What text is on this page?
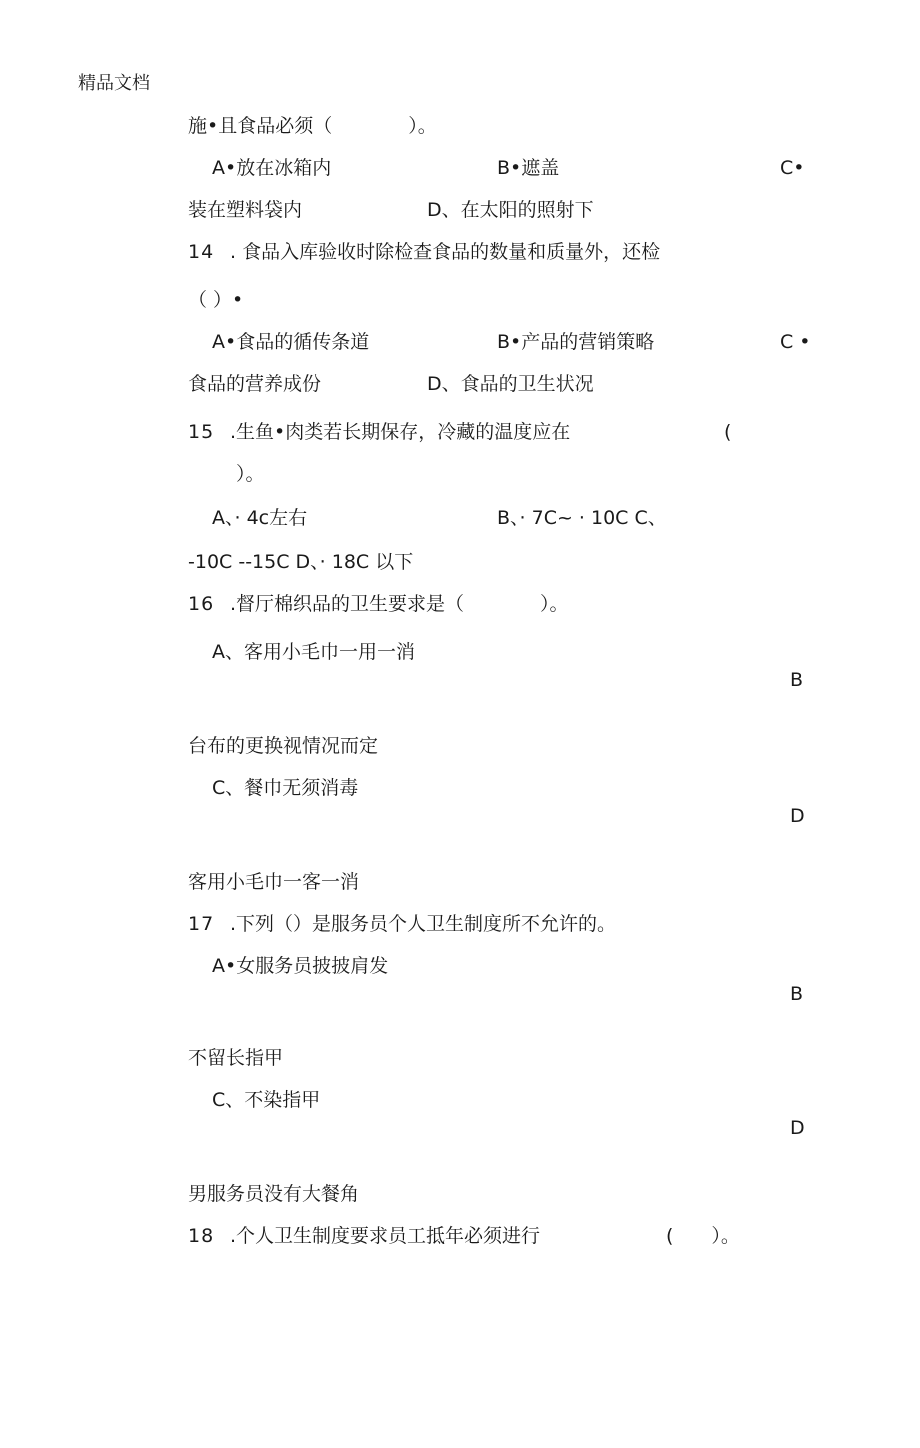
精品文档
施•且食品必须（　　　　）。
A•放在冰箱内	B•遮盖	C•
装在塑料袋内	D、在太阳的照射下
14 . 食品入库验收时除检查食品的数量和质量外，还检
（ ）•
A•食品的循传条道	B•产品的营销策略	C •
食品的营养成份	D、食品的卫生状况
15 .生鱼•肉类若长期保存，冷藏的温度应在	(
）。
A、· 4c左右	B、· 7C~ · 10C C、
-10C --15C D、· 18C 以下
16 .督厅棉织品的卫生要求是（　　　　）。
A、客用小毛巾一用一消
B
台布的更换视情况而定
C、餐巾无须消毒
D
客用小毛巾一客一消
17 .下列（）是服务员个人卫生制度所不允许的。
A•女服务员披披肩发
B
不留长指甲
C、不染指甲
D
男服务员没有大餐角
18 .个人卫生制度要求员工抵年必须进行	(　　）。
